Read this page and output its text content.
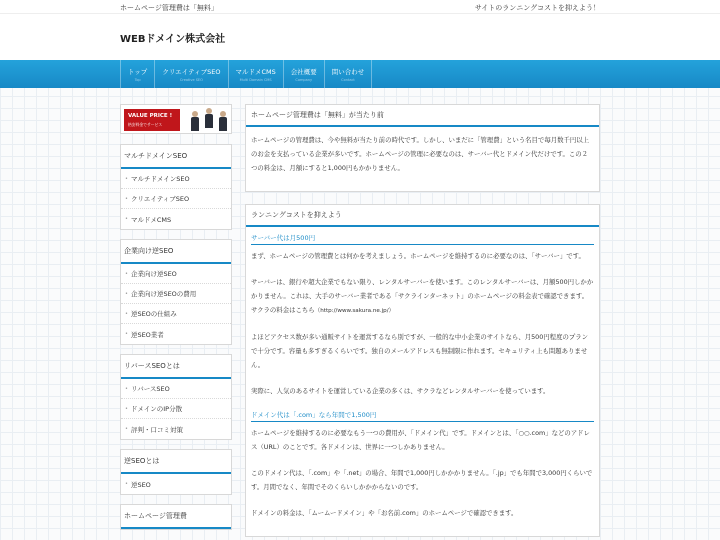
ホームページ管理費は「無料」	サイトのランニングコストを抑えよう！
WEBドメイン株式会社
トップ
Top
クリエイティブSEO
Creative SEO
マルドメCMS
Multi Domain CMS
会社概要
Company
問い合わせ
Contact
VALUE PRICE !
格安料金でサービス
マルチドメインSEO
• マルチドメインSEO
• クリエイティブSEO
• マルドメCMS
企業向け逆SEO
• 企業向け逆SEO
• 企業向け逆SEOの費用
• 逆SEOの仕組み
• 逆SEO業者
リバースSEOとは
• リバースSEO
• ドメインのIP分散
• 評判・口コミ対策
逆SEOとは
• 逆SEO
ホームページ管理費
ホームページ管理費は「無料」が当たり前

ホームページの管理費は、今や無料が当たり前の時代です。しかし、いまだに「管理費」という名目で毎月数千円以上のお金を支払っている企業が多いです。ホームページの管理に必要なのは、サーバー代とドメイン代だけです。この２つの料金は、月額にすると1,000円もかかりません。

ランニングコストを抑えよう
サーバー代は月500円

まず、ホームページの管理費とは何かを考えましょう。ホームページを維持するのに必要なのは、「サーバー」です。

サーバーは、銀行や超大企業でもない限り、レンタルサーバーを使います。このレンタルサーバーは、月額500円しかかかりません。これは、大手のサーバー業者である「サクラインターネット」のホームページの料金表で確認できます。サクラの料金はこちら（http://www.sakura.ne.jp/）

よほどアクセス数が多い通販サイトを運営するなら別ですが、一般的な中小企業のサイトなら、月500円程度のプランで十分です。容量も多すぎるくらいです。独自のメールアドレスも無制限に作れます。セキュリティ上も問題ありません。

実際に、人気のあるサイトを運営している企業の多くは、サクラなどレンタルサーバーを使っています。

ドメイン代は「.com」なら年間で1,500円

ホームページを維持するのに必要なもう一つの費用が、「ドメイン代」です。ドメインとは、「○○.com」などのアドレス（URL）のことです。各ドメインは、世界に一つしかありません。

このドメイン代は、「.com」や「.net」の場合、年間で1,000円しかかかりません。「.jp」でも年間で3,000円くらいです。月間でなく、年間でそのくらいしかかからないのです。

ドメインの料金は、「ムームードメイン」や「お名前.com」のホームページで確認できます。
